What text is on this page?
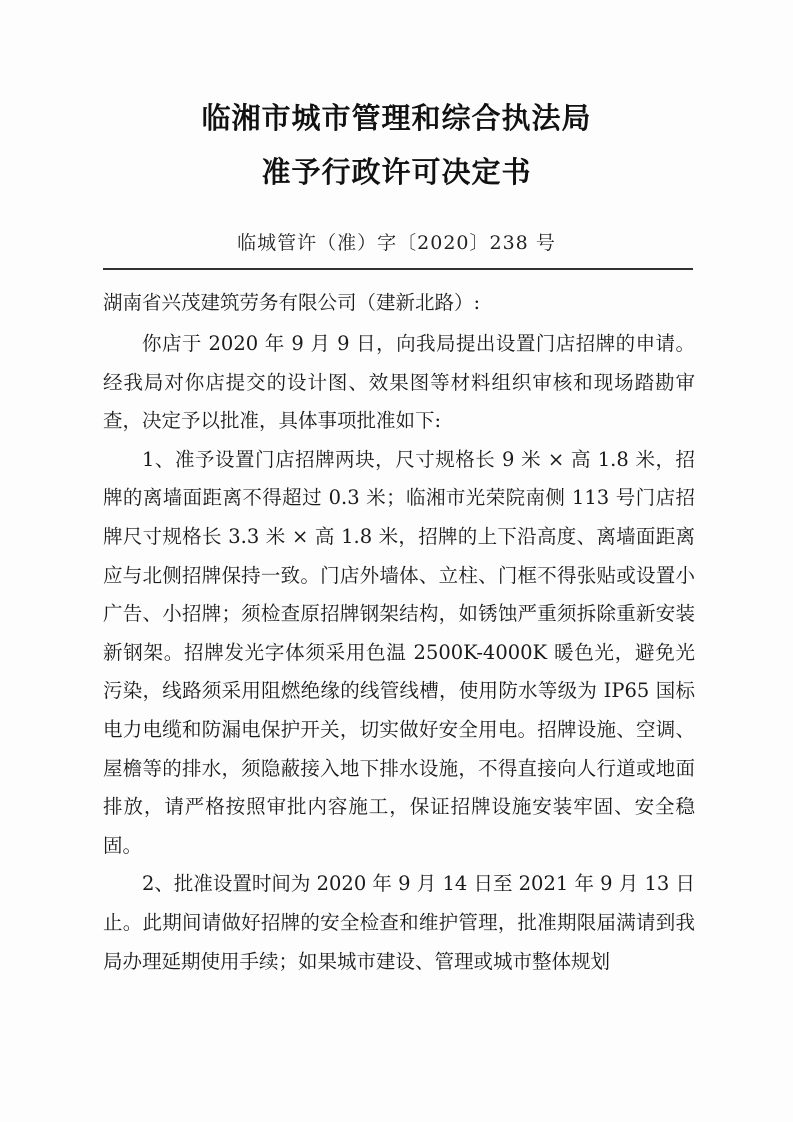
临湘市城市管理和综合执法局
准予行政许可决定书
临城管许（准）字〔2020〕238 号
湖南省兴茂建筑劳务有限公司（建新北路）:

你店于 2020 年 9 月 9 日，向我局提出设置门店招牌的申请。经我局对你店提交的设计图、效果图等材料组织审核和现场踏勘审查，决定予以批准，具体事项批准如下:

1、准予设置门店招牌两块，尺寸规格长 9 米 × 高 1.8 米，招牌的离墙面距离不得超过 0.3 米；临湘市光荣院南侧 113 号门店招牌尺寸规格长 3.3 米 × 高 1.8 米，招牌的上下沿高度、离墙面距离应与北侧招牌保持一致。门店外墙体、立柱、门框不得张贴或设置小广告、小招牌；须检查原招牌钢架结构，如锈蚀严重须拆除重新安装新钢架。招牌发光字体须采用色温 2500K-4000K 暖色光，避免光污染，线路须采用阻燃绝缘的线管线槽，使用防水等级为 IP65 国标电力电缆和防漏电保护开关，切实做好安全用电。招牌设施、空调、屋檐等的排水，须隐蔽接入地下排水设施，不得直接向人行道或地面排放，请严格按照审批内容施工，保证招牌设施安装牢固、安全稳固。

2、批准设置时间为 2020 年 9 月 14 日至 2021 年 9 月 13 日止。此期间请做好招牌的安全检查和维护管理，批准期限届满请到我局办理延期使用手续；如果城市建设、管理或城市整体规划
